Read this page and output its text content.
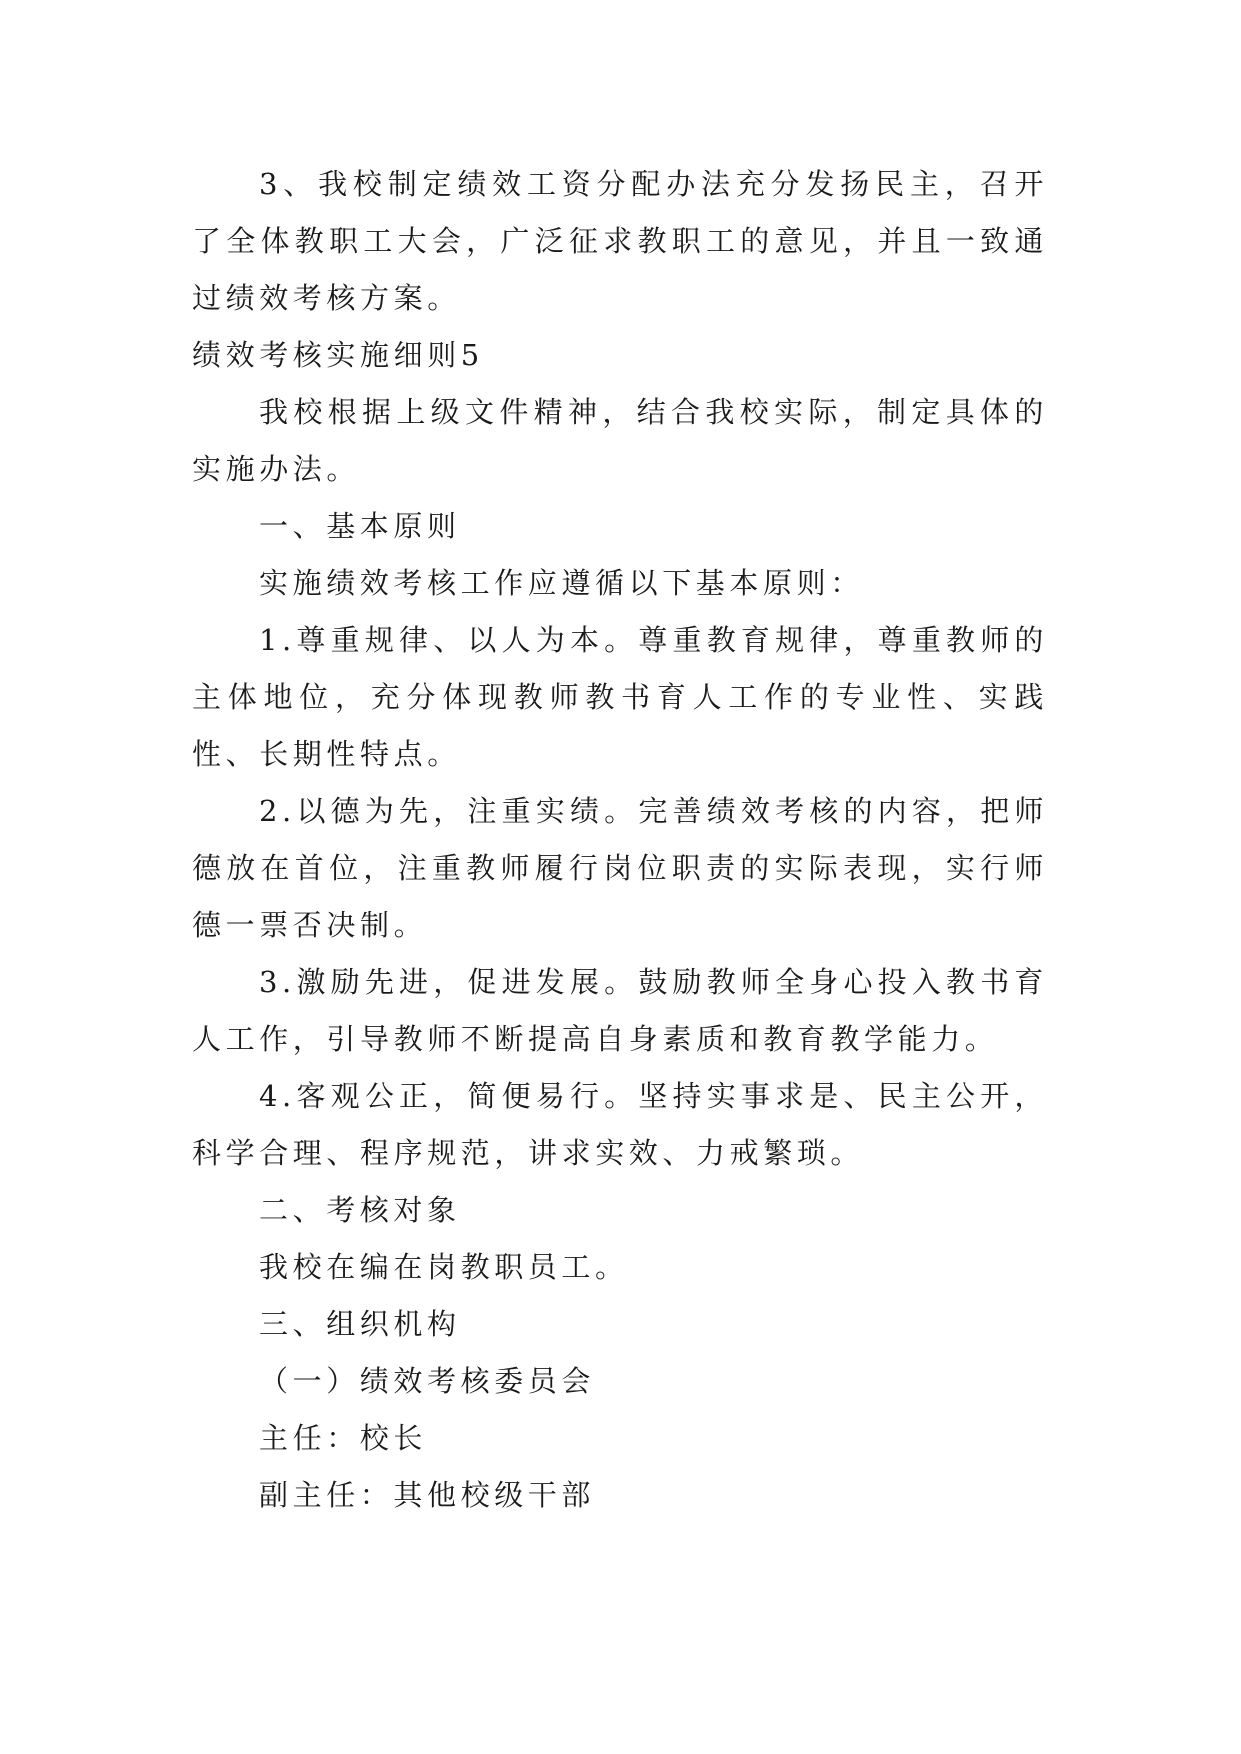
3、我校制定绩效工资分配办法充分发扬民主，召开了全体教职工大会，广泛征求教职工的意见，并且一致通过绩效考核方案。

绩效考核实施细则5

我校根据上级文件精神，结合我校实际，制定具体的实施办法。

一、基本原则

实施绩效考核工作应遵循以下基本原则：

1.尊重规律、以人为本。尊重教育规律，尊重教师的主体地位，充分体现教师教书育人工作的专业性、实践性、长期性特点。

2.以德为先，注重实绩。完善绩效考核的内容，把师德放在首位，注重教师履行岗位职责的实际表现，实行师德一票否决制。

3.激励先进，促进发展。鼓励教师全身心投入教书育人工作，引导教师不断提高自身素质和教育教学能力。

4.客观公正，简便易行。坚持实事求是、民主公开，科学合理、程序规范，讲求实效、力戒繁琐。

二、考核对象

我校在编在岗教职员工。

三、组织机构

（一）绩效考核委员会

主任：校长

副主任：其他校级干部
